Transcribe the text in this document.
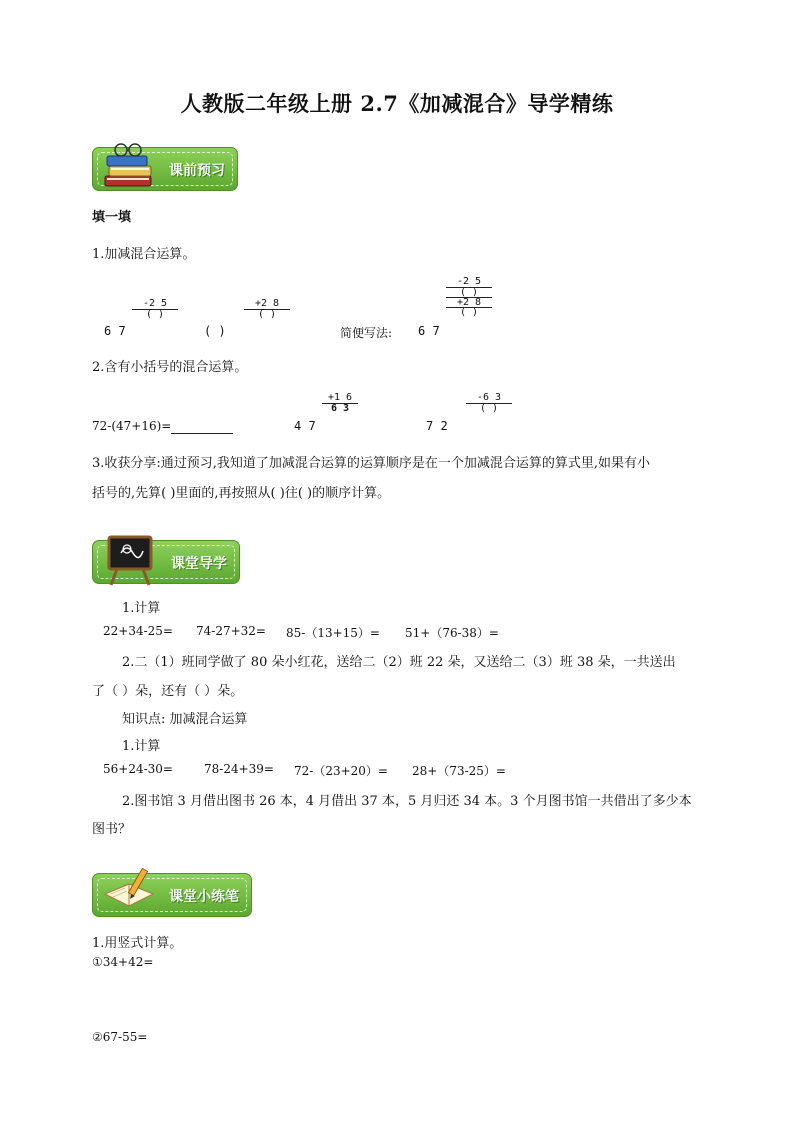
人教版二年级上册 2.7《加减混合》导学精练
课前预习
填一填
1.加减混合运算。
6 7
-2 5
( )
( )
+2 8
( )
简便写法: 6 7
-2 5
( )
+2 8
( )
2.含有小括号的混合运算。
72-(47+16)=	4 7
+1 6
6 3
7 2
-6 3
( )
3.收获分享:通过预习,我知道了加减混合运算的运算顺序是在一个加减混合运算的算式里,如果有小
括号的,先算( )里面的,再按照从( )往( )的顺序计算。
课堂导学
1.计算
22+34-25= 74-27+32= 85-（13+15）= 51+（76-38）=
2.二（1）班同学做了 80 朵小红花，送给二（2）班 22 朵，又送给二（3）班 38 朵，一共送出
了（ ）朵，还有（ ）朵。
知识点: 加减混合运算
1.计算
56+24-30=	78-24+39= 72-（23+20）= 28+（73-25）=
2.图书馆 3 月借出图书 26 本，4 月借出 37 本，5 月归还 34 本。3 个月图书馆一共借出了多少本
图书？
课堂小练笔
1.用竖式计算。
①34+42=
②67-55=
